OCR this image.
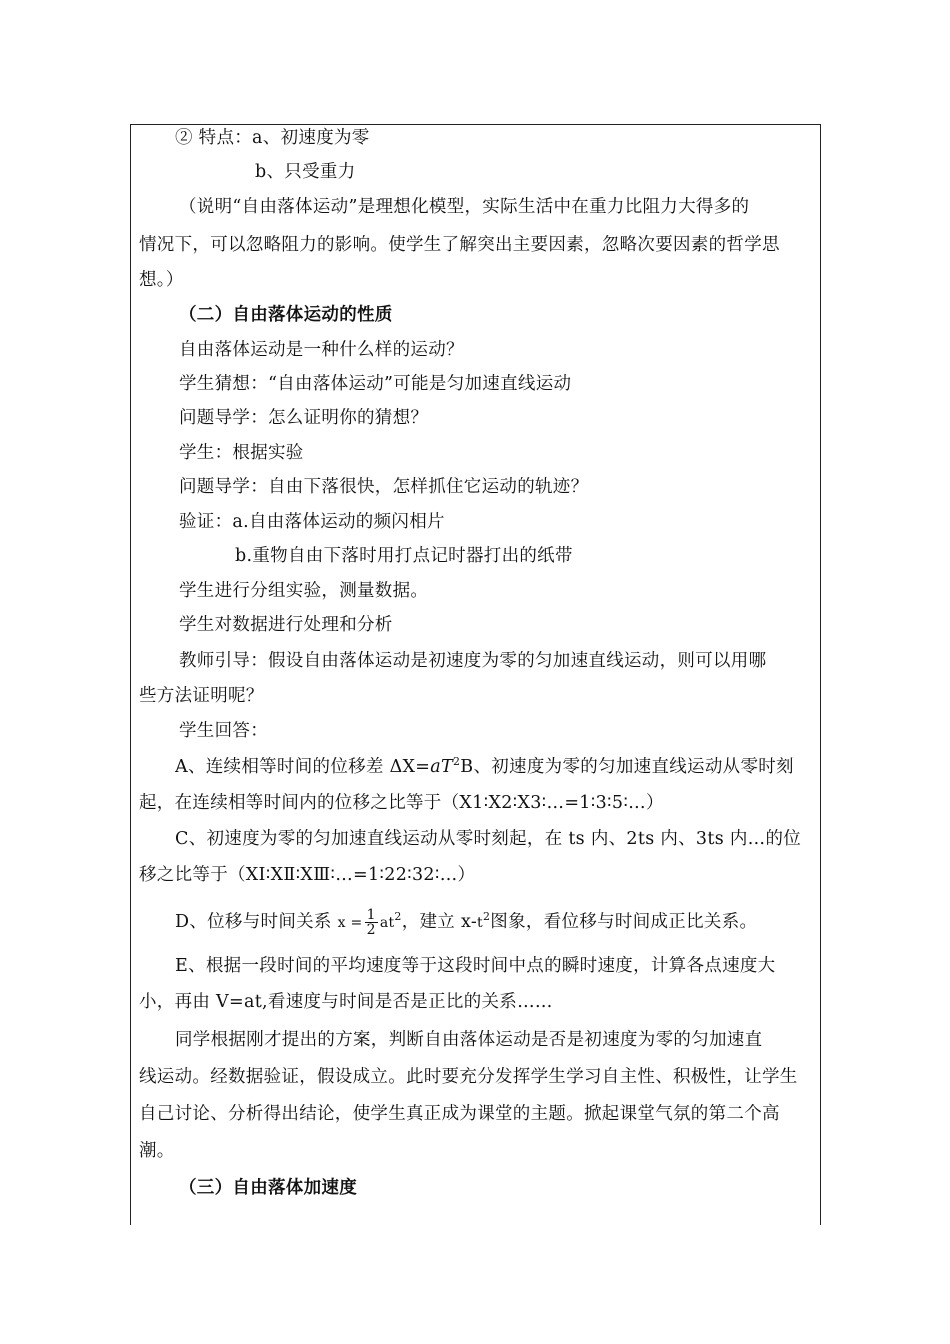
② 特点：a、初速度为零
b、只受重力
（说明“自由落体运动”是理想化模型，实际生活中在重力比阻力大得多的
情况下，可以忽略阻力的影响。使学生了解突出主要因素，忽略次要因素的哲学思
想。）
（二）自由落体运动的性质
自由落体运动是一种什么样的运动？
学生猜想：“自由落体运动”可能是匀加速直线运动
问题导学：怎么证明你的猜想？
学生：根据实验
问题导学：自由下落很快，怎样抓住它运动的轨迹？
验证：a.自由落体运动的频闪相片
b.重物自由下落时用打点记时器打出的纸带
学生进行分组实验，测量数据。
学生对数据进行处理和分析
教师引导：假设自由落体运动是初速度为零的匀加速直线运动，则可以用哪
些方法证明呢？
学生回答：
A、连续相等时间的位移差 $\Delta X=aT^2B$、初速度为零的匀加速直线运动从零时刻
起，在连续相等时间内的位移之比等于（X1∶X2∶X3∶…=1∶3∶5∶…）
C、初速度为零的匀加速直线运动从零时刻起，在 ts 内、2ts 内、3ts 内…的位
移之比等于（XⅠ∶XⅡ∶XⅢ∶…=1∶22∶32∶…）
D、位移与时间关系 $x = \frac{1}{2} at^2$，建立 $x-t^2$图象，看位移与时间成正比关系。
E、根据一段时间的平均速度等于这段时间中点的瞬时速度，计算各点速度大
小，再由 V=at,看速度与时间是否是正比的关系……
同学根据刚才提出的方案，判断自由落体运动是否是初速度为零的匀加速直
线运动。经数据验证，假设成立。此时要充分发挥学生学习自主性、积极性，让学生
自己讨论、分析得出结论，使学生真正成为课堂的主题。掀起课堂气氛的第二个高
潮。
（三）自由落体加速度
